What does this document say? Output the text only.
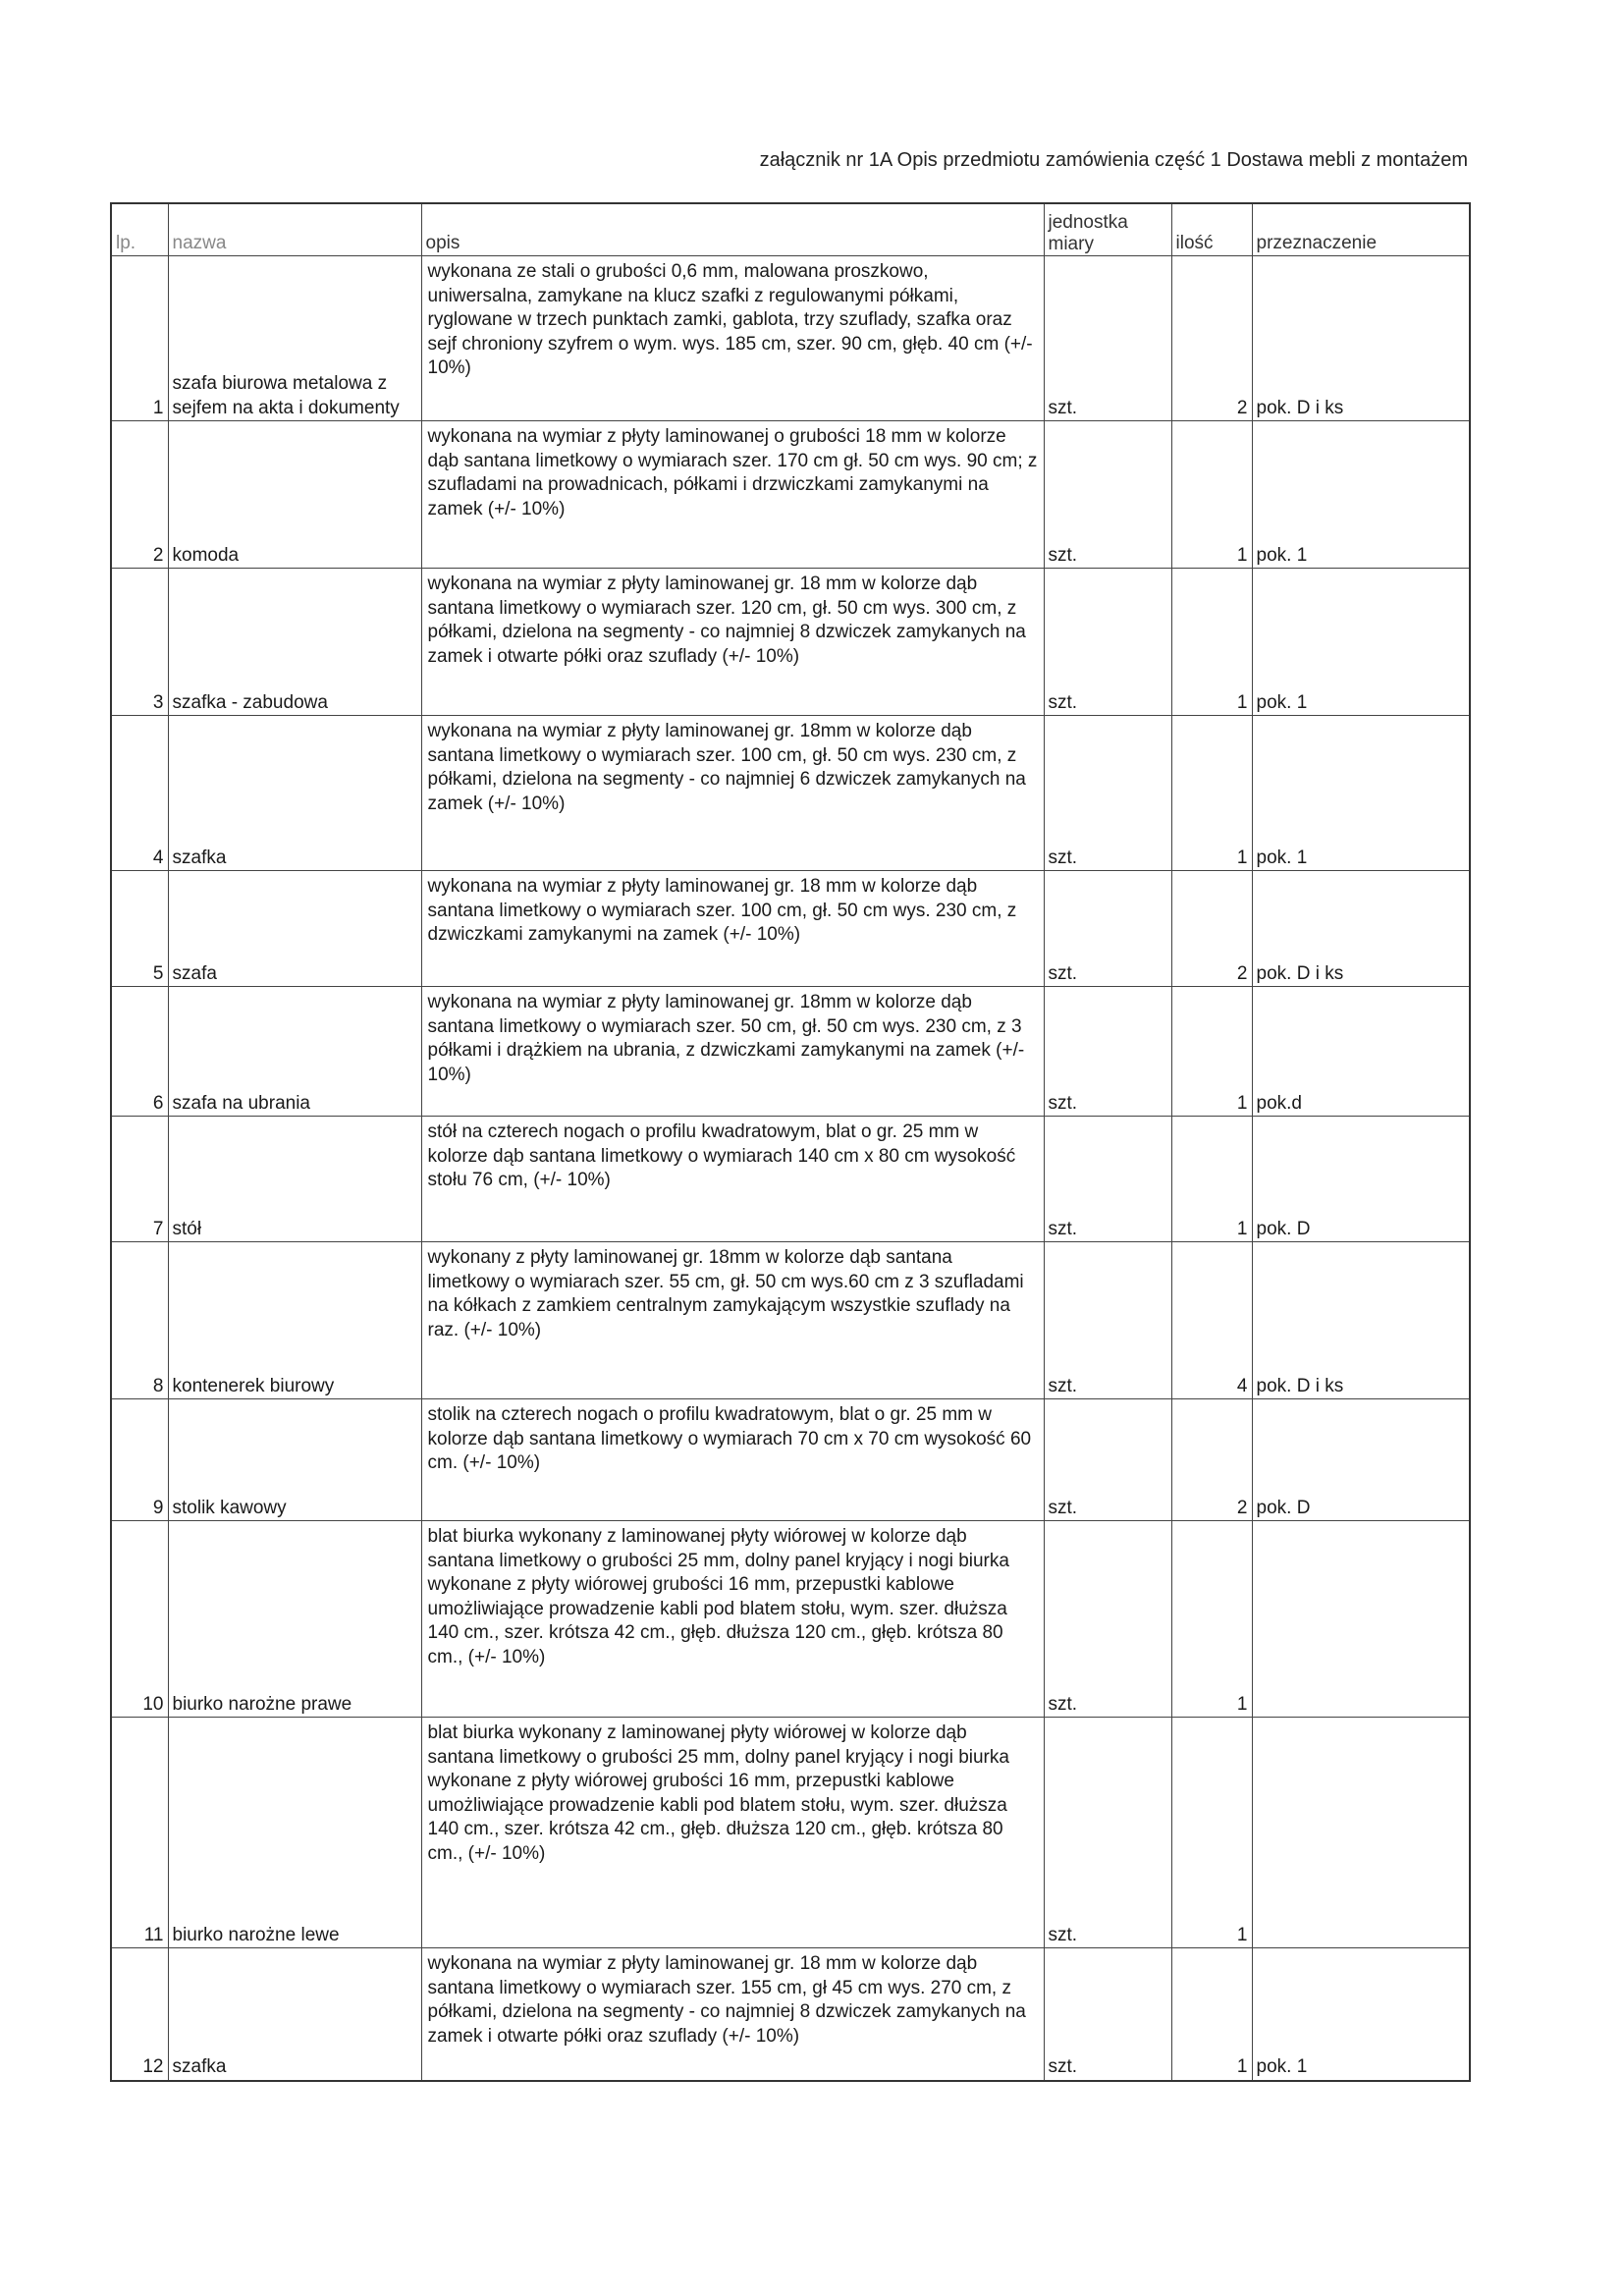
załącznik nr 1A Opis przedmiotu zamówienia część 1 Dostawa mebli z montażem
lp.	nazwa	opis	jednostka miary	ilość	przeznaczenie
1	szafa biurowa metalowa z sejfem na akta i dokumenty	wykonana ze stali o grubości 0,6 mm, malowana proszkowo, uniwersalna, zamykane na klucz szafki z regulowanymi półkami, ryglowane w trzech punktach zamki, gablota, trzy szuflady, szafka oraz sejf chroniony szyfrem o wym. wys. 185 cm, szer. 90 cm, głęb. 40 cm (+/- 10%)	szt.	2	pok. D i ks
2	komoda	wykonana na wymiar z płyty laminowanej o grubości 18 mm w kolorze dąb santana limetkowy o wymiarach szer. 170 cm gł. 50 cm wys. 90 cm; z szufladami na prowadnicach, półkami i drzwiczkami zamykanymi na zamek (+/- 10%)	szt.	1	pok. 1
3	szafka - zabudowa	wykonana na wymiar z płyty laminowanej gr. 18 mm w kolorze dąb santana limetkowy o wymiarach szer. 120 cm, gł. 50 cm wys. 300 cm, z półkami, dzielona na segmenty - co najmniej 8 dzwiczek zamykanych na zamek i otwarte półki oraz szuflady (+/- 10%)	szt.	1	pok. 1
4	szafka	wykonana na wymiar z płyty laminowanej gr. 18mm w kolorze dąb santana limetkowy o wymiarach szer. 100 cm, gł. 50 cm wys. 230 cm, z półkami, dzielona na segmenty - co najmniej 6 dzwiczek zamykanych na zamek (+/- 10%)	szt.	1	pok. 1
5	szafa	wykonana na wymiar z płyty laminowanej gr. 18 mm w kolorze dąb santana limetkowy o wymiarach szer. 100 cm, gł. 50 cm wys. 230 cm, z dzwiczkami zamykanymi na zamek (+/- 10%)	szt.	2	pok. D i ks
6	szafa na ubrania	wykonana na wymiar z płyty laminowanej gr. 18mm w kolorze dąb santana limetkowy o wymiarach szer. 50 cm, gł. 50 cm wys. 230 cm, z 3 półkami i drążkiem na ubrania, z dzwiczkami zamykanymi na zamek (+/- 10%)	szt.	1	pok.d
7	stół	stół na czterech nogach o profilu kwadratowym, blat o gr. 25 mm w kolorze dąb santana limetkowy o wymiarach 140 cm x 80 cm wysokość stołu 76 cm, (+/- 10%)	szt.	1	pok. D
8	kontenerek biurowy	wykonany z płyty laminowanej gr. 18mm w kolorze dąb santana limetkowy o wymiarach szer. 55 cm, gł. 50 cm wys.60 cm z 3 szufladami na kółkach z zamkiem centralnym zamykającym wszystkie szuflady na raz. (+/- 10%)	szt.	4	pok. D i ks
9	stolik kawowy	stolik na czterech nogach o profilu kwadratowym, blat o gr. 25 mm w kolorze dąb santana limetkowy o wymiarach 70 cm x 70 cm wysokość 60 cm. (+/- 10%)	szt.	2	pok. D
10	biurko narożne prawe	blat biurka wykonany z laminowanej płyty wiórowej w kolorze dąb santana limetkowy o grubości 25 mm, dolny panel kryjący i nogi biurka wykonane z płyty wiórowej grubości 16 mm, przepustki kablowe umożliwiające prowadzenie kabli pod blatem stołu, wym. szer. dłuższa 140 cm., szer. krótsza 42 cm., głęb. dłuższa 120 cm., głęb. krótsza 80 cm., (+/- 10%)	szt.	1	
11	biurko narożne lewe	blat biurka wykonany z laminowanej płyty wiórowej w kolorze dąb santana limetkowy o grubości 25 mm, dolny panel kryjący i nogi biurka wykonane z płyty wiórowej grubości 16 mm, przepustki kablowe umożliwiające prowadzenie kabli pod blatem stołu, wym. szer. dłuższa 140 cm., szer. krótsza 42 cm., głęb. dłuższa 120 cm., głęb. krótsza 80 cm., (+/- 10%)	szt.	1	
12	szafka	wykonana na wymiar z płyty laminowanej gr. 18 mm w kolorze dąb santana limetkowy o wymiarach szer. 155 cm, gł 45 cm wys. 270 cm, z półkami, dzielona na segmenty - co najmniej 8 dzwiczek zamykanych na zamek i otwarte półki oraz szuflady (+/- 10%)	szt.	1	pok. 1
